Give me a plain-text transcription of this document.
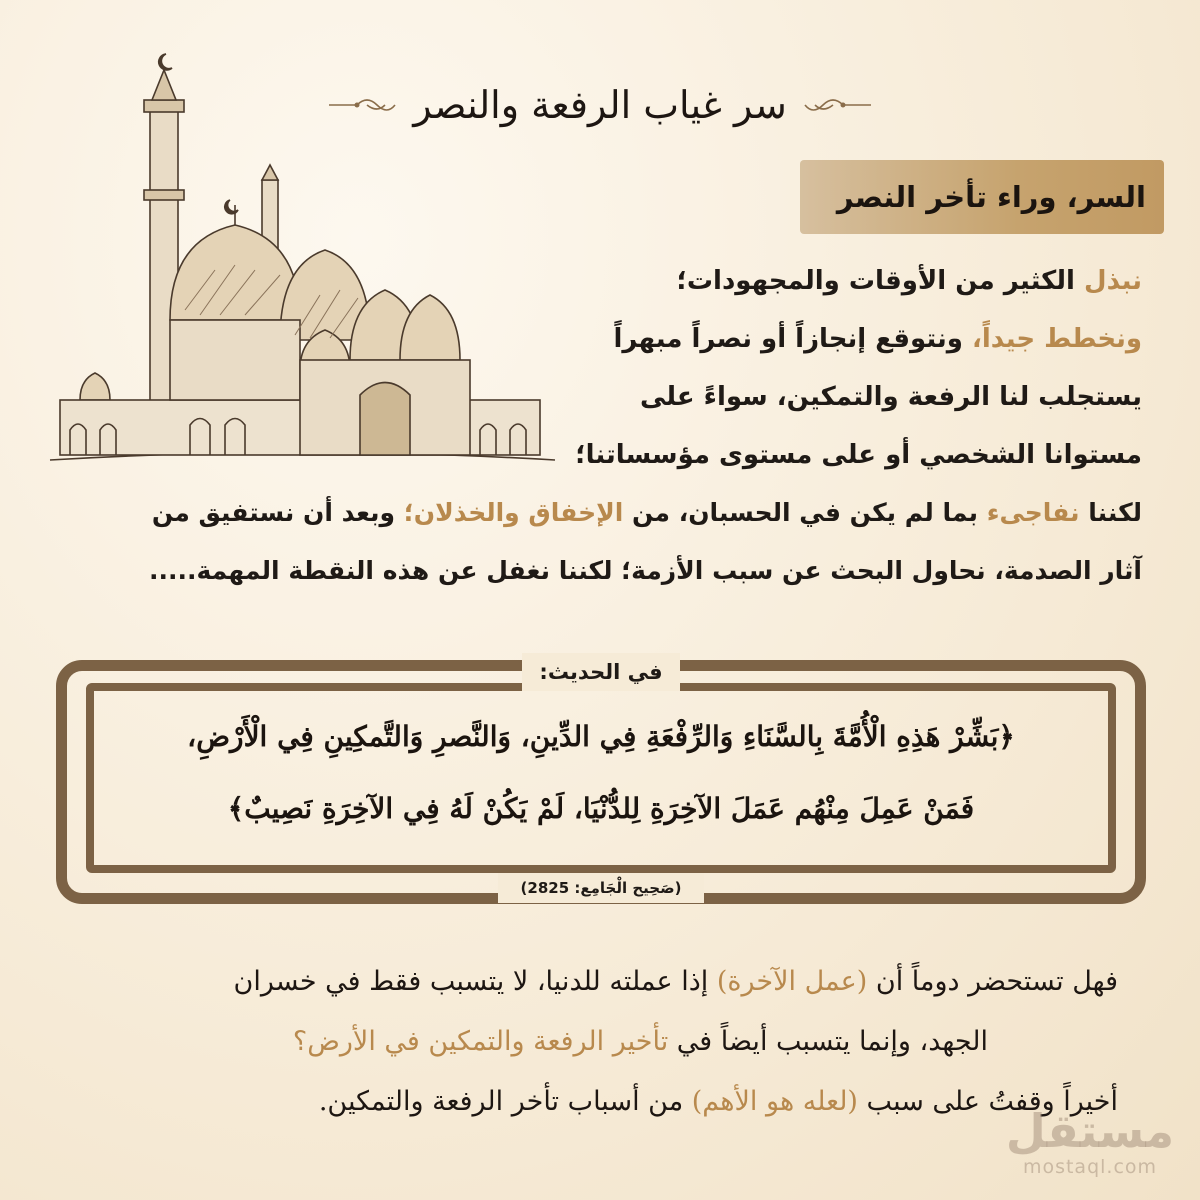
سر غياب الرفعة والنصر
السر، وراء تأخر النصر
نبذل الكثير من الأوقات والمجهودات؛
ونخطط جيداً، ونتوقع إنجازاً أو نصراً مبهراً
يستجلب لنا الرفعة والتمكين، سواءً على
مستوانا الشخصي أو على مستوى مؤسساتنا؛
لكننا نفاجىء بما لم يكن في الحسبان، من الإخفاق والخذلان؛ وبعد أن نستفيق من
آثار الصدمة، نحاول البحث عن سبب الأزمة؛ لكننا نغفل عن هذه النقطة المهمة.....
في الحديث:
﴿بَشِّرْ هَذِهِ الْأُمَّةَ بِالسَّنَاءِ وَالرِّفْعَةِ فِي الدِّينِ، وَالنَّصرِ وَالتَّمكِينِ فِي الْأَرْضِ،
فَمَنْ عَمِلَ مِنْهُم عَمَلَ الآخِرَةِ لِلدُّنْيَا، لَمْ يَكُنْ لَهُ فِي الآخِرَةِ نَصِيبٌ﴾
(صَحِيح الْجَامِع: 2825)
فهل تستحضر دوماً أن (عمل الآخرة) إذا عملته للدنيا، لا يتسبب فقط في خسران
الجهد، وإنما يتسبب أيضاً في تأخير الرفعة والتمكين في الأرض؟
أخيراً وقفتُ على سبب (لعله هو الأهم) من أسباب تأخر الرفعة والتمكين.
مستقل
mostaql.com
